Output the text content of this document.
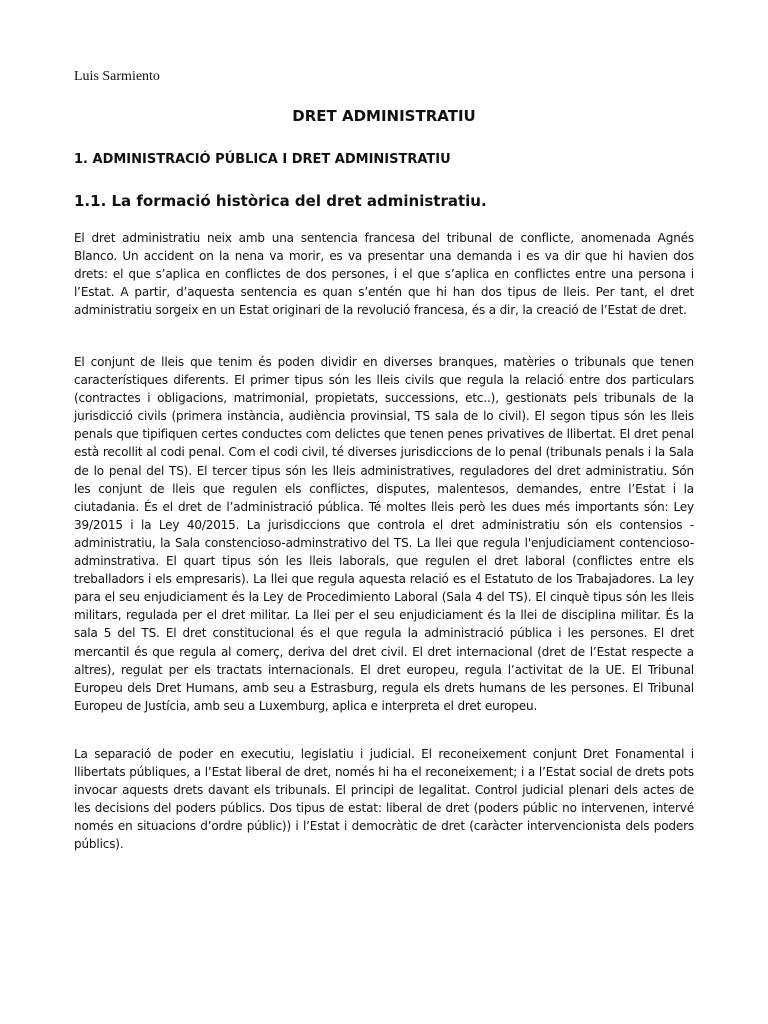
Luis Sarmiento
DRET ADMINISTRATIU
1. ADMINISTRACIÓ PÚBLICA I DRET ADMINISTRATIU
1.1. La formació històrica del dret administratiu.

El dret administratiu neix amb una sentencia francesa del tribunal de conflicte, anomenada Agnés Blanco. Un accident on la nena va morir, es va presentar una demanda i es va dir que hi havien dos drets: el que s’aplica en conflictes de dos persones, i el que s’aplica en conflictes entre una persona i l’Estat. A partir, d’aquesta sentencia es quan s’entén que hi han dos tipus de lleis. Per tant, el dret administratiu sorgeix en un Estat originari de la revolució francesa, és a dir, la creació de l’Estat de dret.

El conjunt de lleis que tenim és poden dividir en diverses branques, matèries o tribunals que tenen característiques diferents. El primer tipus són les lleis civils que regula la relació entre dos particulars (contractes i obligacions, matrimonial, propietats, successions, etc..), gestionats pels tribunals de la jurisdicció civils (primera instància, audiència provinsial, TS sala de lo civil). El segon tipus són les lleis penals que tipifiquen certes conductes com delictes que tenen penes privatives de llibertat. El dret penal està recollit al codi penal. Com el codi civil, té diverses jurisdiccions de lo penal (tribunals penals i la Sala de lo penal del TS). El tercer tipus són les lleis administratives, reguladores del dret administratiu. Són les conjunt de lleis que regulen els conflictes, disputes, malentesos, demandes, entre l’Estat i la ciutadania. És el dret de l’administració pública. Té moltes lleis però les dues més importants són: Ley 39/2015 i la Ley 40/2015. La jurisdiccions que controla el dret administratiu són els contensios -administratiu, la Sala constencioso-adminstrativo del TS. La llei que regula l'enjudiciament contencioso-adminstrativa. El quart tipus són les lleis laborals, que regulen el dret laboral (conflictes entre els treballadors i els empresaris). La llei que regula aquesta relació es el Estatuto de los Trabajadores. La ley para el seu enjudiciament és la Ley de Procedimiento Laboral (Sala 4 del TS). El cinquè tipus són les lleis militars, regulada per el dret militar. La llei per el seu enjudiciament és la llei de disciplina militar. És la sala 5 del TS. El dret constitucional és el que regula la administració pública i les persones. El dret mercantil és que regula al comerç, deriva del dret civil. El dret internacional (dret de l’Estat respecte a altres), regulat per els tractats internacionals. El dret europeu, regula l’activitat de la UE. El Tribunal Europeu dels Dret Humans, amb seu a Estrasburg, regula els drets humans de les persones. El Tribunal Europeu de Justícia, amb seu a Luxemburg, aplica e interpreta el dret europeu.

La separació de poder en executiu, legislatiu i judicial. El reconeixement conjunt Dret Fonamental i llibertats públiques, a l’Estat liberal de dret, només hi ha el reconeixement; i a l’Estat social de drets pots invocar aquests drets davant els tribunals. El principi de legalitat. Control judicial plenari dels actes de les decisions del poders públics. Dos tipus de estat: liberal de dret (poders públic no intervenen, intervé només en situacions d’ordre públic)) i l’Estat i democràtic de dret (caràcter intervencionista dels poders públics).
